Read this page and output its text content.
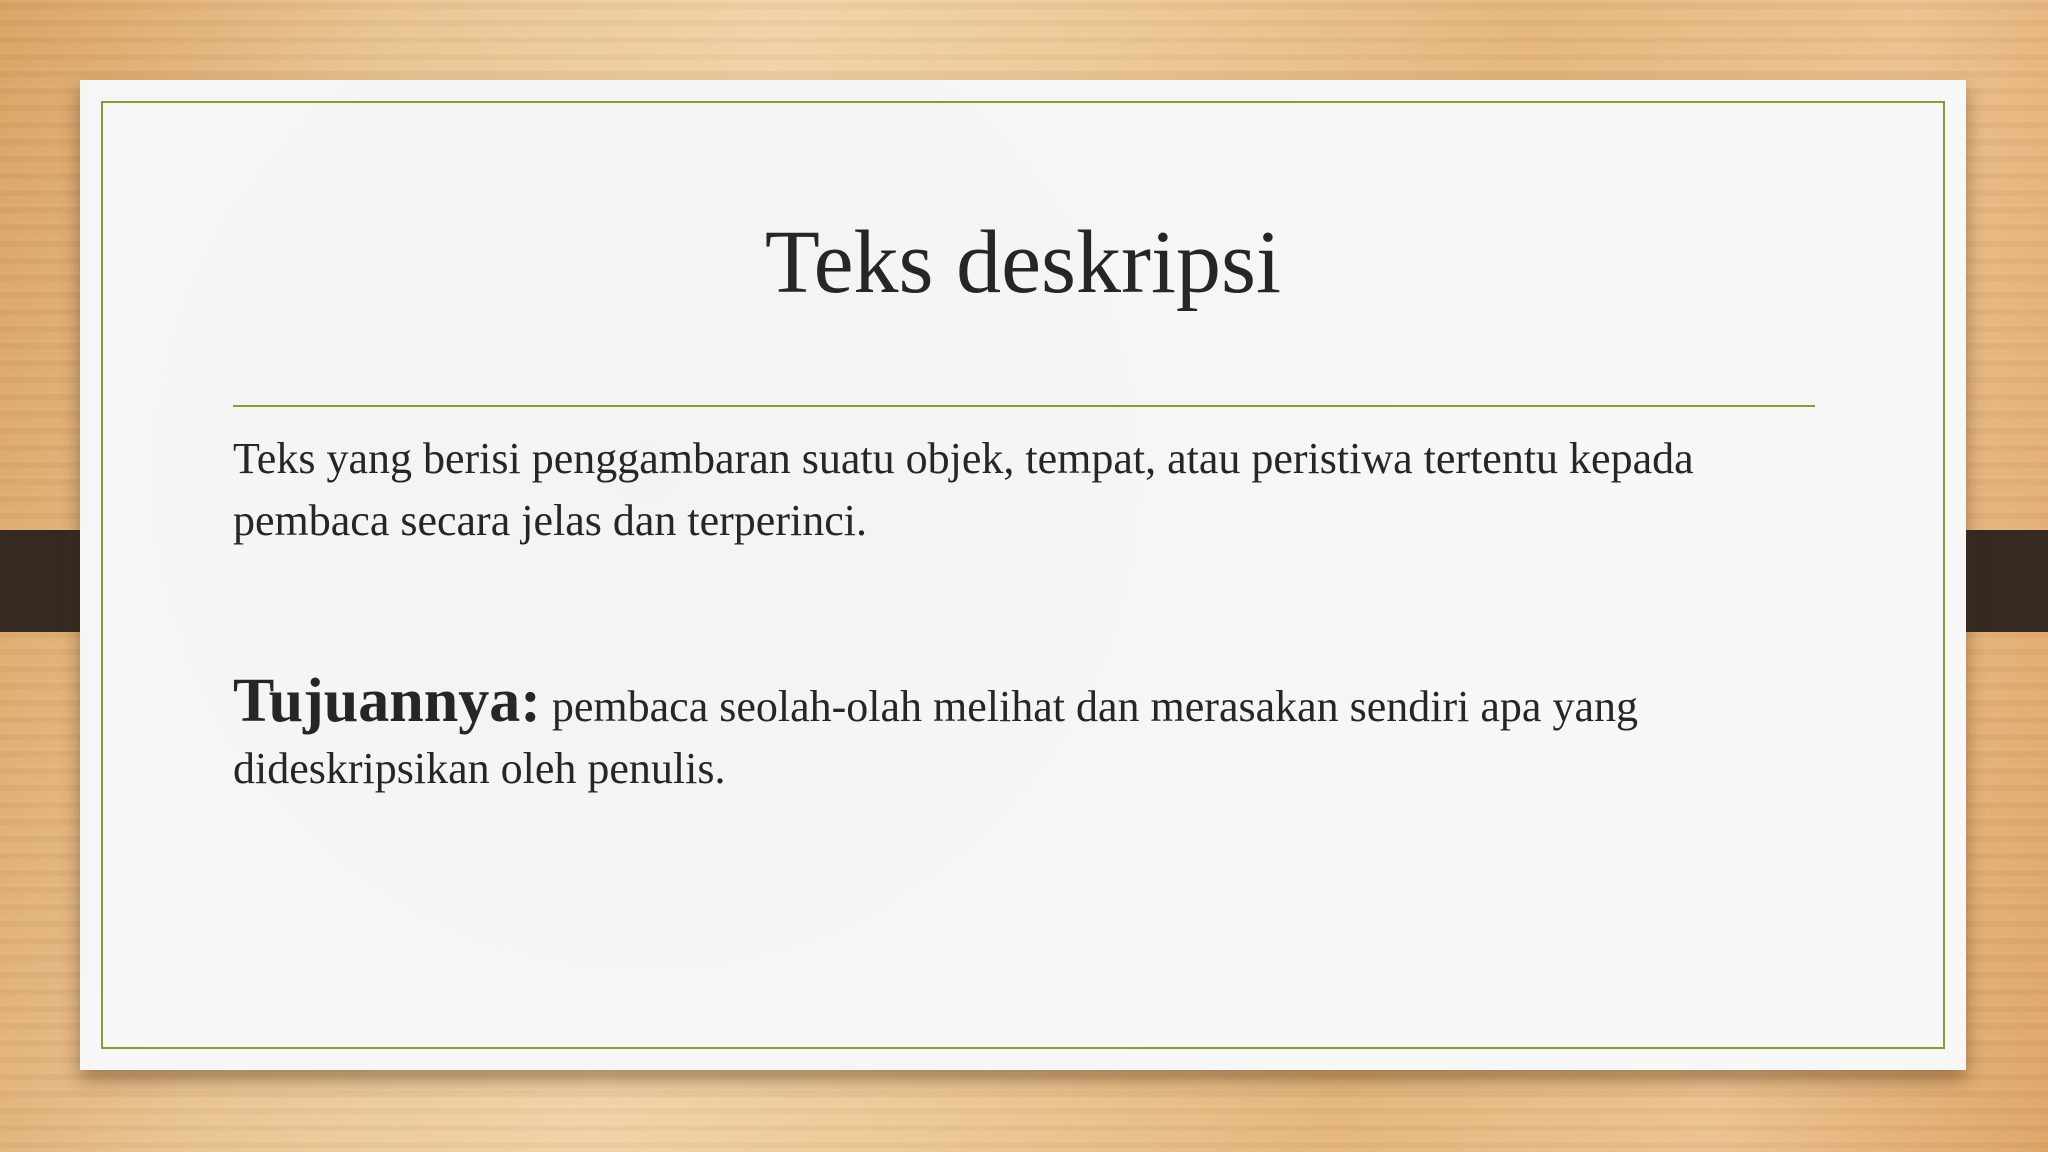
Teks deskripsi
Teks yang berisi penggambaran suatu objek, tempat, atau peristiwa tertentu kepada pembaca secara jelas dan terperinci.
Tujuannya: pembaca seolah-olah melihat dan merasakan sendiri apa yang dideskripsikan oleh penulis.
